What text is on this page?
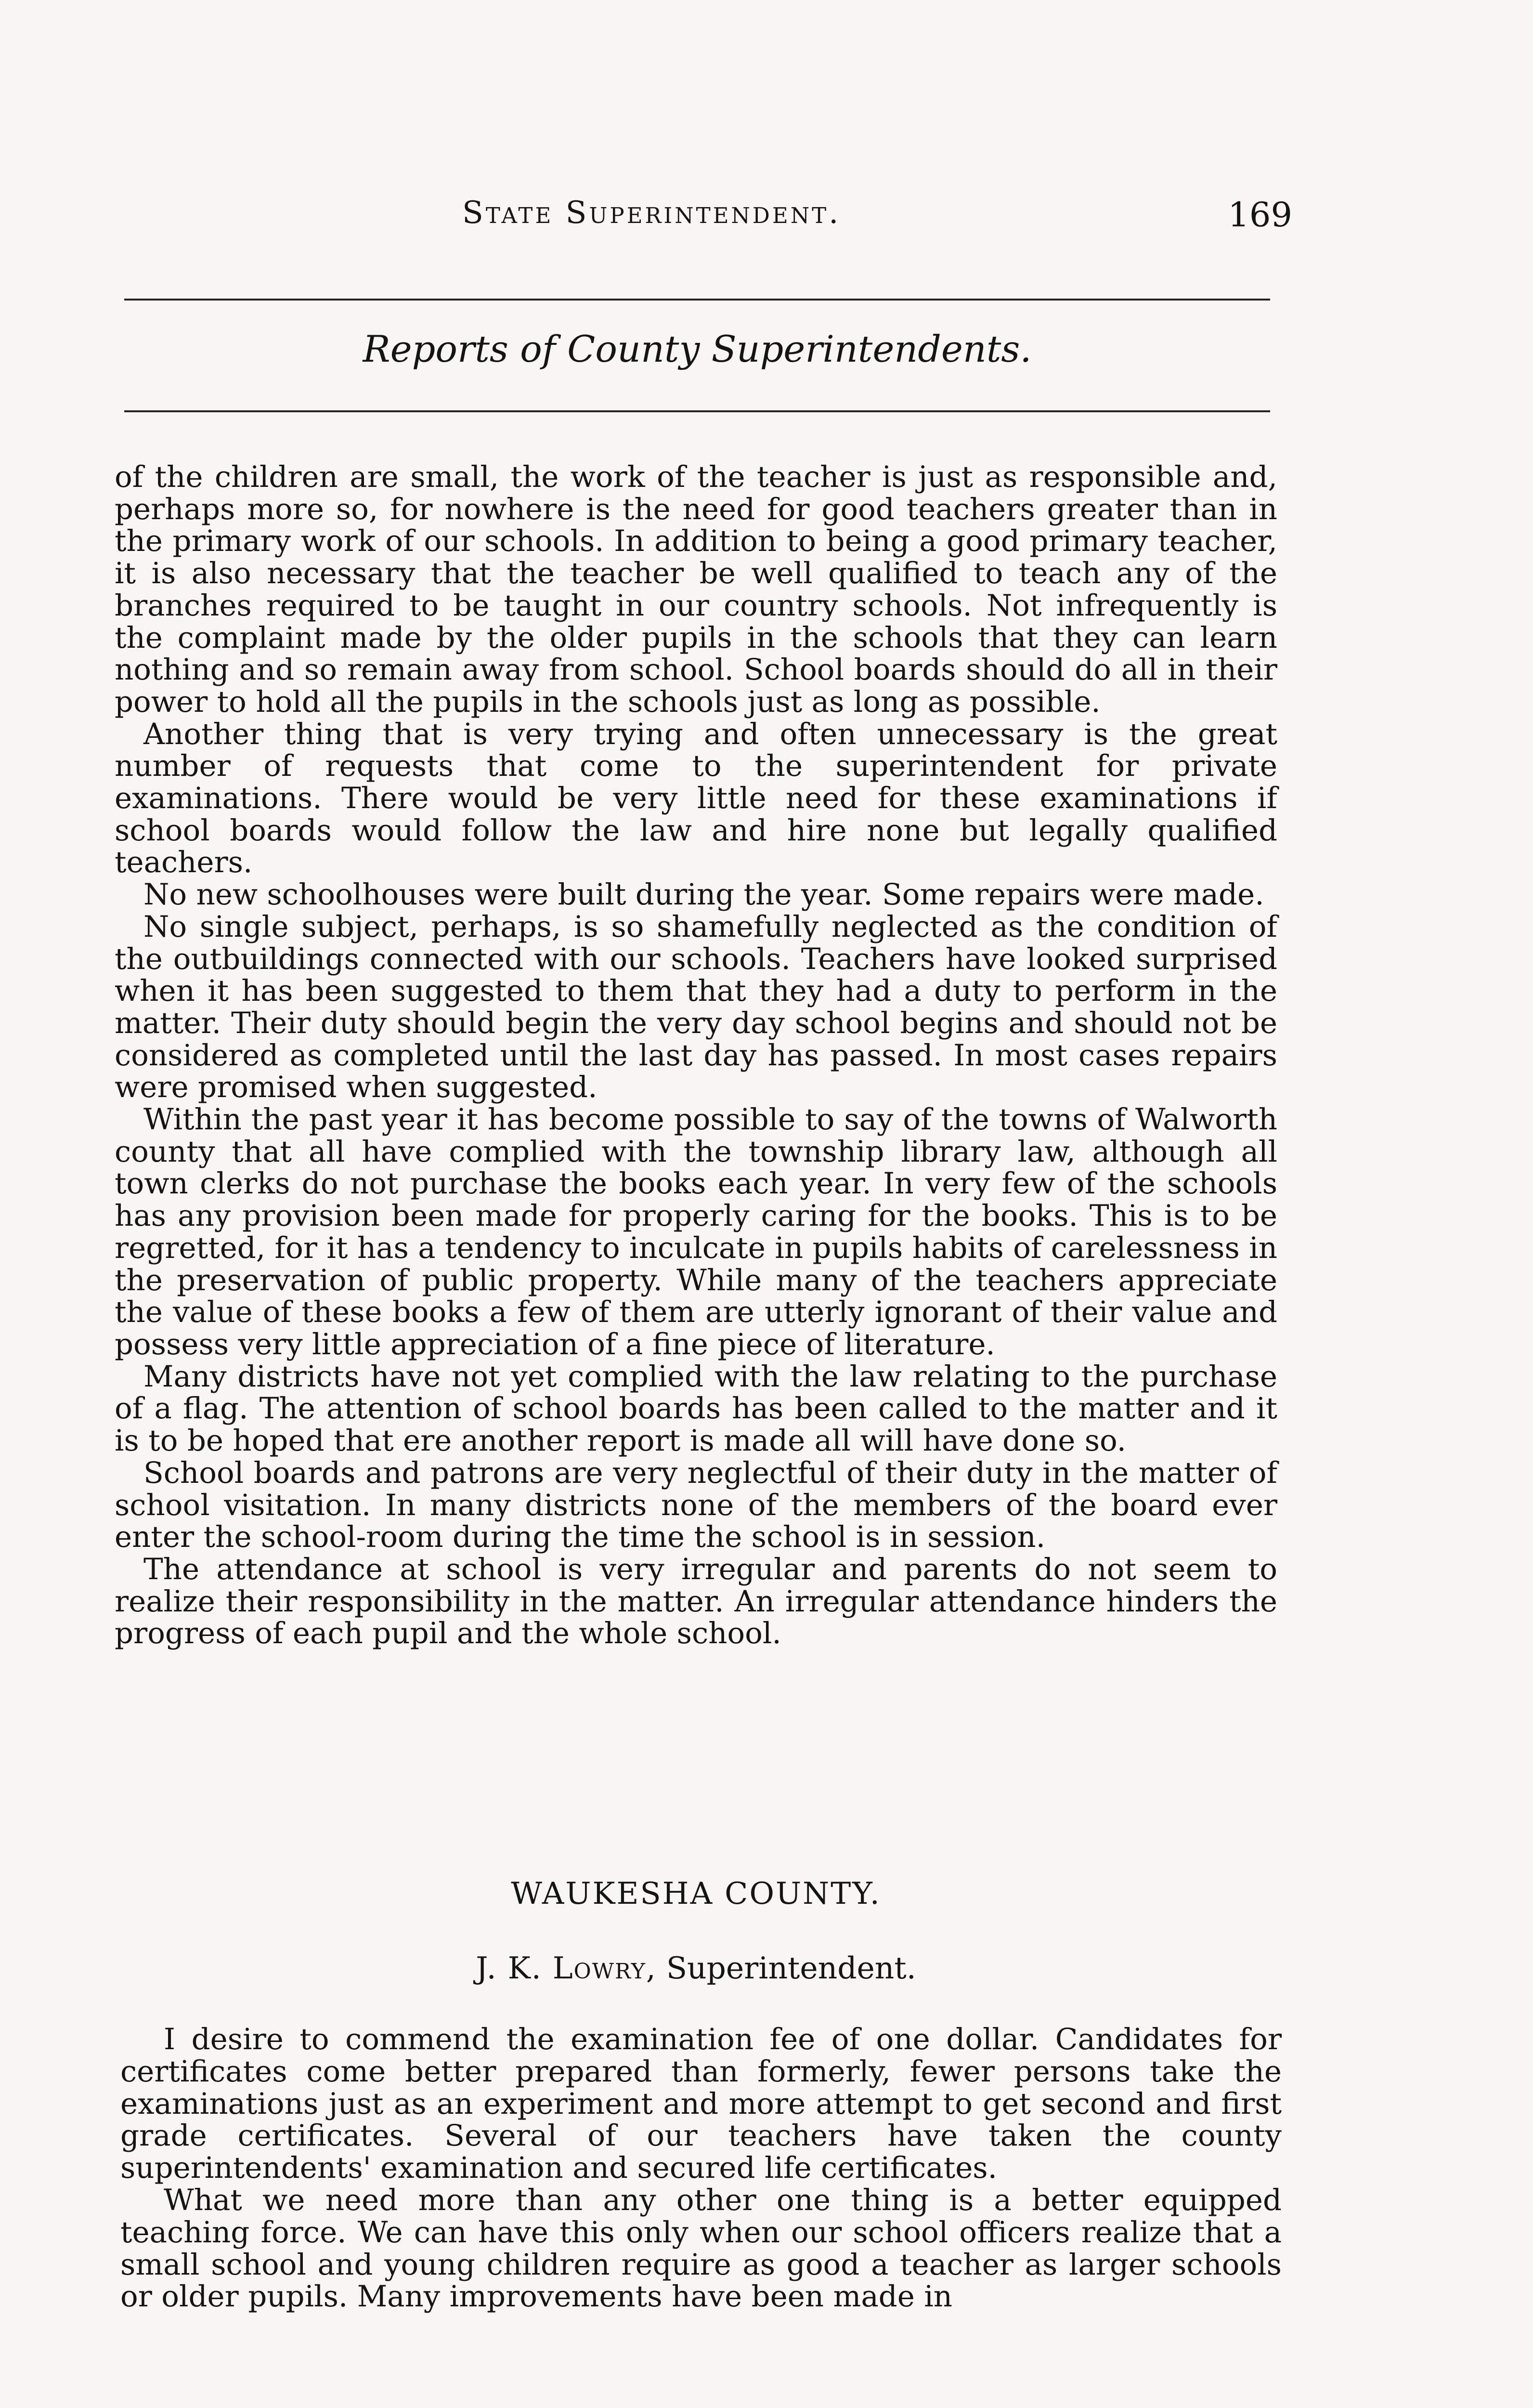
State Superintendent.	169
Reports of County Superintendents.

of the children are small, the work of the teacher is just as responsible and, perhaps more so, for nowhere is the need for good teachers greater than in the primary work of our schools. In addition to being a good primary teacher, it is also necessary that the teacher be well qualified to teach any of the branches required to be taught in our country schools. Not infrequently is the complaint made by the older pupils in the schools that they can learn nothing and so remain away from school. School boards should do all in their power to hold all the pupils in the schools just as long as possible.

Another thing that is very trying and often unnecessary is the great number of requests that come to the superintendent for private examinations. There would be very little need for these examinations if school boards would follow the law and hire none but legally qualified teachers.

No new schoolhouses were built during the year. Some repairs were made.

No single subject, perhaps, is so shamefully neglected as the condition of the outbuildings connected with our schools. Teachers have looked surprised when it has been suggested to them that they had a duty to perform in the matter. Their duty should begin the very day school begins and should not be considered as completed until the last day has passed. In most cases repairs were promised when suggested.

Within the past year it has become possible to say of the towns of Walworth county that all have complied with the township library law, although all town clerks do not purchase the books each year. In very few of the schools has any provision been made for properly caring for the books. This is to be regretted, for it has a tendency to inculcate in pupils habits of carelessness in the preservation of public property. While many of the teachers appreciate the value of these books a few of them are utterly ignorant of their value and possess very little appreciation of a fine piece of literature.

Many districts have not yet complied with the law relating to the purchase of a flag. The attention of school boards has been called to the matter and it is to be hoped that ere another report is made all will have done so.

School boards and patrons are very neglectful of their duty in the matter of school visitation. In many districts none of the members of the board ever enter the school-room during the time the school is in session.

The attendance at school is very irregular and parents do not seem to realize their responsibility in the matter. An irregular attendance hinders the progress of each pupil and the whole school.

WAUKESHA COUNTY.
J. K. Lowry, Superintendent.

I desire to commend the examination fee of one dollar. Candidates for certificates come better prepared than formerly, fewer persons take the examinations just as an experiment and more attempt to get second and first grade certificates. Several of our teachers have taken the county superintendents' examination and secured life certificates.

What we need more than any other one thing is a better equipped teaching force. We can have this only when our school officers realize that a small school and young children require as good a teacher as larger schools or older pupils. Many improvements have been made in
